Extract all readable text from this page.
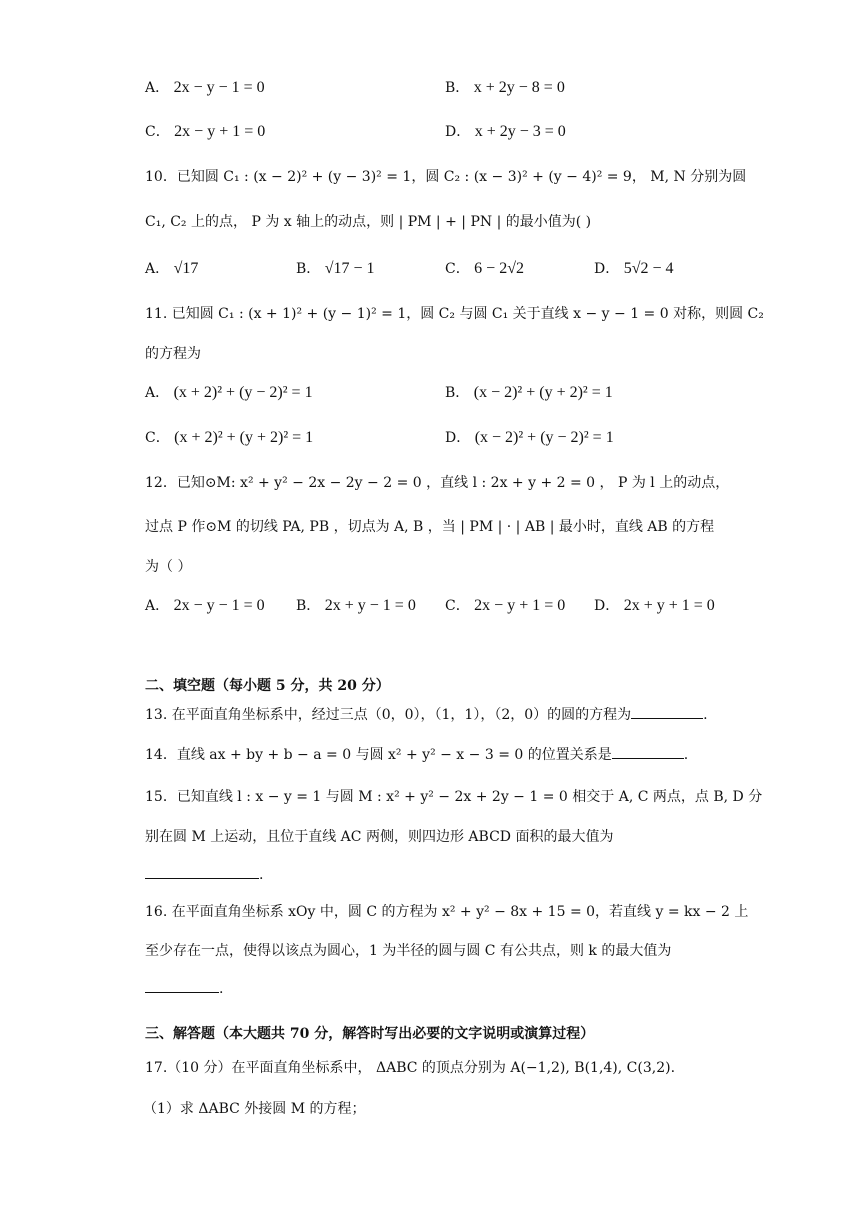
A． 2x − y − 1 = 0	B． x + 2y − 8 = 0
C． 2x − y + 1 = 0	D． x + 2y − 3 = 0
10．已知圆 C₁ : (x − 2)² + (y − 3)² = 1，圆 C₂ : (x − 3)² + (y − 4)² = 9， M, N 分别为圆
C₁, C₂ 上的点， P 为 x 轴上的动点，则 | PM | + | PN | 的最小值为( )
A． √17	B． √17 − 1	C． 6 − 2√2	D． 5√2 − 4
11. 已知圆 C₁ : (x + 1)² + (y − 1)² = 1，圆 C₂ 与圆 C₁ 关于直线 x − y − 1 = 0 对称，则圆 C₂
的方程为
A． (x + 2)² + (y − 2)² = 1	B． (x − 2)² + (y + 2)² = 1
C． (x + 2)² + (y + 2)² = 1	D． (x − 2)² + (y − 2)² = 1
12．已知⊙M: x² + y² − 2x − 2y − 2 = 0 ，直线 l : 2x + y + 2 = 0 ， P 为 l 上的动点，
过点 P 作⊙M 的切线 PA, PB ，切点为 A, B ，当 | PM | · | AB | 最小时，直线 AB 的方程
为（ ）
A． 2x − y − 1 = 0 B． 2x + y − 1 = 0 C． 2x − y + 1 = 0 D． 2x + y + 1 = 0
二、填空题（每小题 5 分，共 20 分）
13. 在平面直角坐标系中，经过三点（0，0），（1，1），（2，0）的圆的方程为	.
14．直线 ax + by + b − a = 0 与圆 x² + y² − x − 3 = 0 的位置关系是	.
15．已知直线 l : x − y = 1 与圆 M : x² + y² − 2x + 2y − 1 = 0 相交于 A, C 两点，点 B, D 分
别在圆 M 上运动，且位于直线 AC 两侧，则四边形 ABCD 面积的最大值为
.
16. 在平面直角坐标系 xOy 中，圆 C 的方程为 x² + y² − 8x + 15 = 0，若直线 y = kx − 2 上
至少存在一点，使得以该点为圆心，1 为半径的圆与圆 C 有公共点，则 k 的最大值为
.
三、解答题（本大题共 70 分，解答时写出必要的文字说明或演算过程）
17.（10 分）在平面直角坐标系中， ΔABC 的顶点分别为 A(−1,2), B(1,4), C(3,2).
（1）求 ΔABC 外接圆 M 的方程；
